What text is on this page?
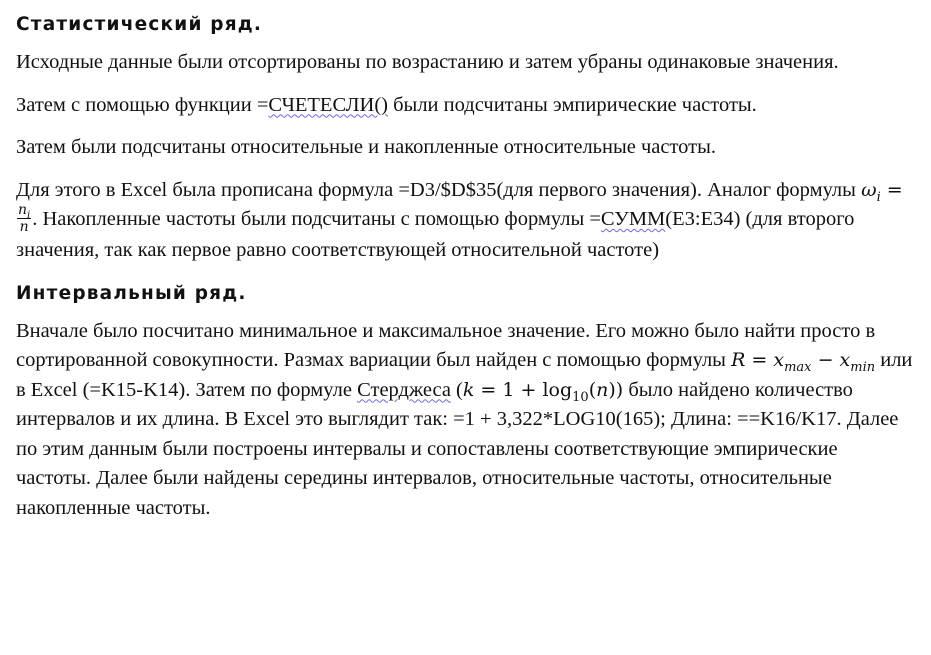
Статистический ряд.

Исходные данные были отсортированы по возрастанию и затем убраны одинаковые значения.

Затем с помощью функции =СЧЕТЕСЛИ() были подсчитаны эмпирические частоты.

Затем были подсчитаны относительные и накопленные относительные частоты.

Для этого в Excel была прописана формула =D3/$D$35(для первого значения). Аналог формулы $\omega_i$ =
$\frac{n_i}{n}$ . Накопленные частоты были подсчитаны с помощью формулы =СУММ(E3:E34) (для второго значения, так как первое равно соответствующей относительной частоте)

Интервальный ряд.

Вначале было посчитано минимальное и максимальное значение. Его можно было найти просто в сортированной совокупности. Размах вариации был найден с помощью формулы $R = x_{max} - x_{min}$ или в Excel (=K15-K14). Затем по формуле Стерджеса $(k = 1 + \log_{10}(n))$ было найдено количество интервалов и их длина. В Excel это выглядит так: =1 + 3,322*LOG10(165); Длина: ==K16/K17. Далее по этим данным были построены интервалы и сопоставлены соответствующие эмпирические частоты. Далее были найдены середины интервалов, относительные частоты, относительные накопленные частоты.
